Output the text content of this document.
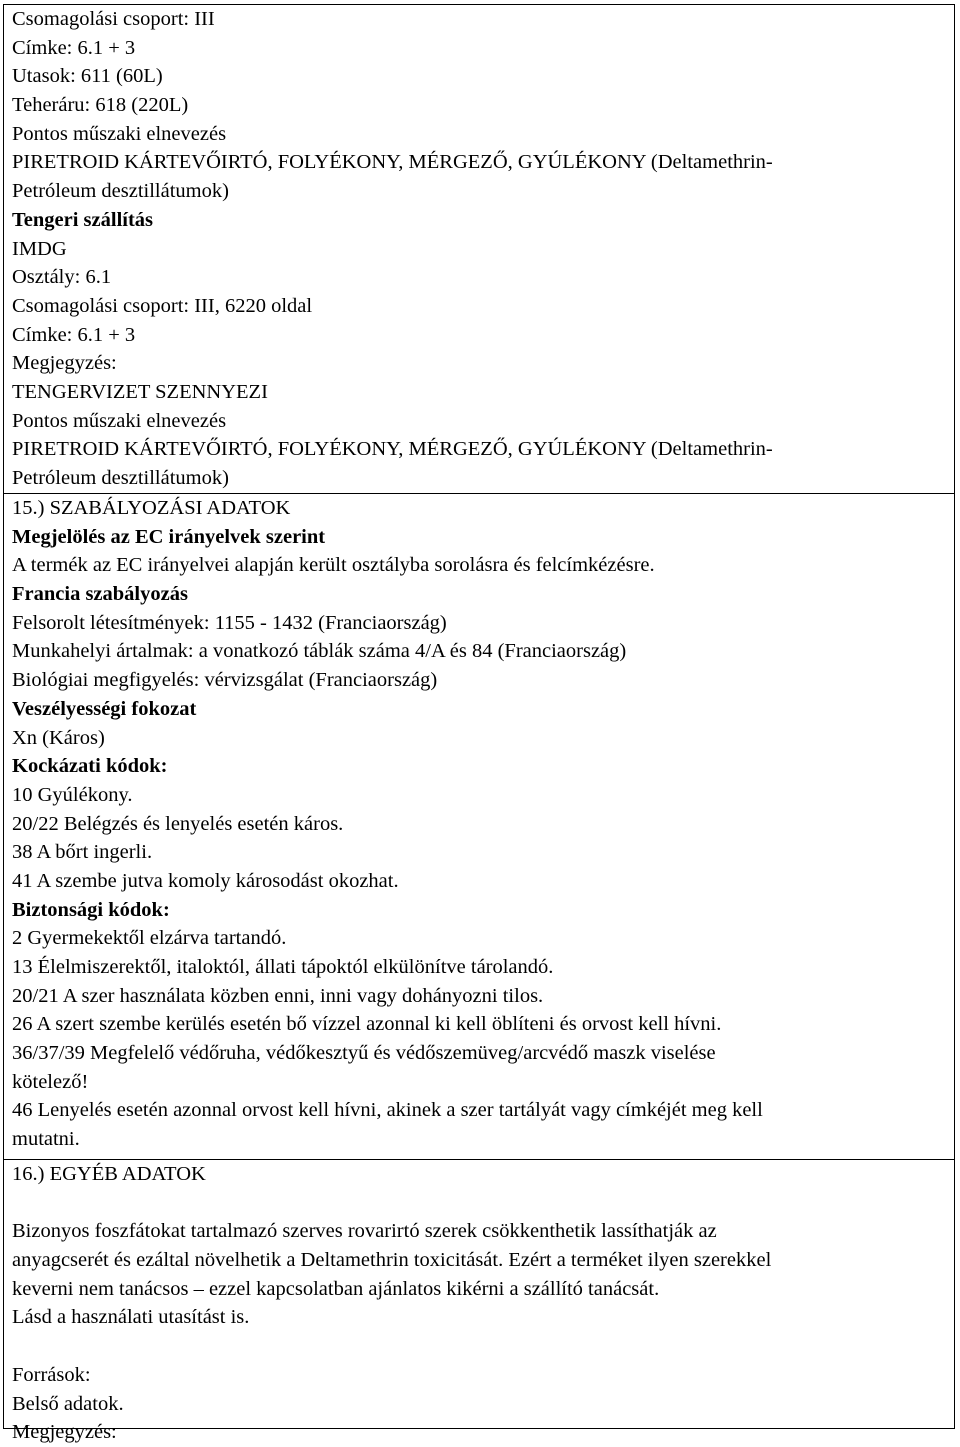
Csomagolási csoport: III
Címke: 6.1 + 3
Utasok: 611 (60L)
Teheráru: 618 (220L)
Pontos műszaki elnevezés
PIRETROID KÁRTEVŐIRTÓ, FOLYÉKONY, MÉRGEZŐ, GYÚLÉKONY (Deltamethrin-
Petróleum desztillátumok)
Tengeri szállítás
IMDG
Osztály: 6.1
Csomagolási csoport: III, 6220 oldal
Címke: 6.1 + 3
Megjegyzés:
TENGERVIZET SZENNYEZI
Pontos műszaki elnevezés
PIRETROID KÁRTEVŐIRTÓ, FOLYÉKONY, MÉRGEZŐ, GYÚLÉKONY (Deltamethrin-
Petróleum desztillátumok)
15.) SZABÁLYOZÁSI ADATOK
Megjelölés az EC irányelvek szerint
A termék az EC irányelvei alapján került osztályba sorolásra és felcímkézésre.
Francia szabályozás
Felsorolt létesítmények: 1155 - 1432 (Franciaország)
Munkahelyi ártalmak: a vonatkozó táblák száma 4/A és 84 (Franciaország)
Biológiai megfigyelés: vérvizsgálat (Franciaország)
Veszélyességi fokozat
Xn (Káros)
Kockázati kódok:
10 Gyúlékony.
20/22 Belégzés és lenyelés esetén káros.
38 A bőrt ingerli.
41 A szembe jutva komoly károsodást okozhat.
Biztonsági kódok:
2 Gyermekektől elzárva tartandó.
13 Élelmiszerektől, italoktól, állati tápoktól elkülönítve tárolandó.
20/21 A szer használata közben enni, inni vagy dohányozni tilos.
26 A szert szembe kerülés esetén bő vízzel azonnal ki kell öblíteni és orvost kell hívni.
36/37/39 Megfelelő védőruha, védőkesztyű és védőszemüveg/arcvédő maszk viselése
kötelező!
46 Lenyelés esetén azonnal orvost kell hívni, akinek a szer tartályát vagy címkéjét meg kell
mutatni.
16.) EGYÉB ADATOK
Bizonyos foszfátokat tartalmazó szerves rovarirtó szerek csökkenthetik lassíthatják az
anyagcserét és ezáltal növelhetik a Deltamethrin toxicitását. Ezért a terméket ilyen szerekkel
keverni nem tanácsos – ezzel kapcsolatban ajánlatos kikérni a szállító tanácsát.
Lásd a használati utasítást is.
Források:
Belső adatok.
Megjegyzés:
